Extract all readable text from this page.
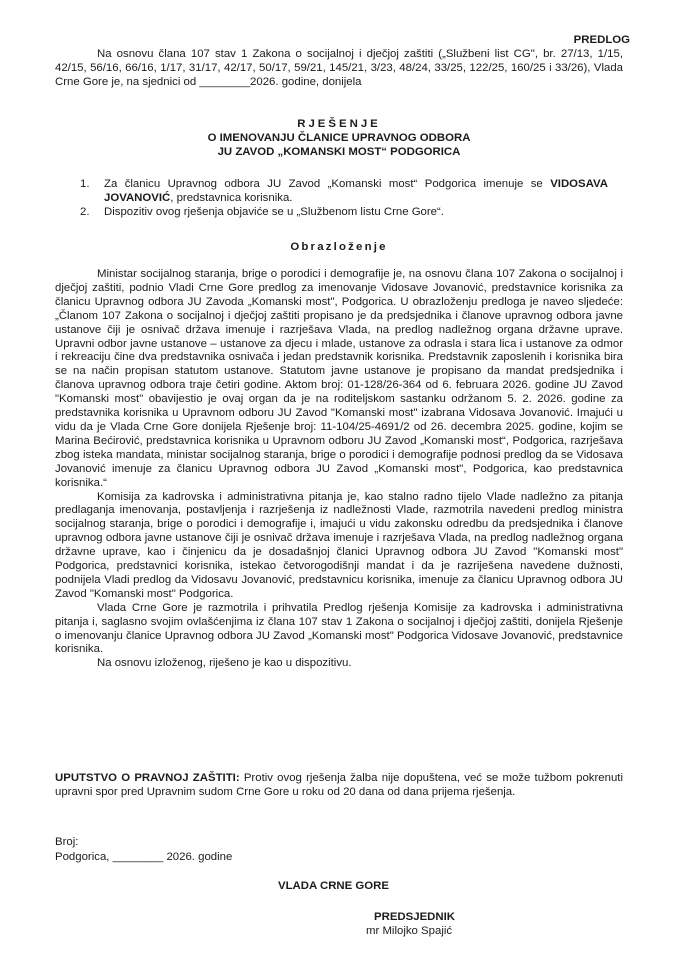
PREDLOG

Na osnovu člana 107 stav 1 Zakona o socijalnoj i dječjoj zaštiti („Službeni list CG", br. 27/13, 1/15, 42/15, 56/16, 66/16, 1/17, 31/17, 42/17, 50/17, 59/21, 145/21, 3/23, 48/24, 33/25, 122/25, 160/25 i 33/26), Vlada Crne Gore je, na sjednici od ________2026. godine, donijela

RJEŠENJE

O IMENOVANJU ČLANICE UPRAVNOG ODBORA

JU ZAVOD „KOMANSKI MOST“ PODGORICA

1.	Za članicu Upravnog odbora JU Zavod „Komanski most“ Podgorica imenuje se VIDOSAVA JOVANOVIĆ, predstavnica korisnika.

2.	Dispozitiv ovog rješenja objaviće se u „Službenom listu Crne Gore“.

Obrazloženje

Ministar socijalnog staranja, brige o porodici i demografije je, na osnovu člana 107 Zakona o socijalnoj i dječjoj zaštiti, podnio Vladi Crne Gore predlog za imenovanje Vidosave Jovanović, predstavnice korisnika za članicu Upravnog odbora JU Zavoda „Komanski most", Podgorica. U obrazloženju predloga je naveo sljedeće: „Članom 107 Zakona o socijalnoj i dječjoj zaštiti propisano je da predsjednika i članove upravnog odbora javne ustanove čiji je osnivač država imenuje i razrješava Vlada, na predlog nadležnog organa državne uprave. Upravni odbor javne ustanove – ustanove za djecu i mlade, ustanove za odrasla i stara lica i ustanove za odmor i rekreaciju čine dva predstavnika osnivača i jedan predstavnik korisnika. Predstavnik zaposlenih i korisnika bira se na način propisan statutom ustanove. Statutom javne ustanove je propisano da mandat predsjednika i članova upravnog odbora traje četiri godine. Aktom broj: 01-128/26-364 od 6. februara 2026. godine JU Zavod "Komanski most" obavijestio je ovaj organ da je na roditeljskom sastanku održanom 5. 2. 2026. godine za predstavnika korisnika u Upravnom odboru JU Zavod "Komanski most" izabrana Vidosava Jovanović. Imajući u vidu da je Vlada Crne Gore donijela Rješenje broj: 11-104/25-4691/2 od 26. decembra 2025. godine, kojim se Marina Bećirović, predstavnica korisnika u Upravnom odboru JU Zavod „Komanski most“, Podgorica, razrješava zbog isteka mandata, ministar socijalnog staranja, brige o porodici i demografije podnosi predlog da se Vidosava Jovanović imenuje za članicu Upravnog odbora JU Zavod „Komanski most", Podgorica, kao predstavnica korisnika.“

Komisija za kadrovska i administrativna pitanja je, kao stalno radno tijelo Vlade nadležno za pitanja predlaganja imenovanja, postavljenja i razrješenja iz nadležnosti Vlade, razmotrila navedeni predlog ministra socijalnog staranja, brige o porodici i demografije i, imajući u vidu zakonsku odredbu da predsjednika i članove upravnog odbora javne ustanove čiji je osnivač država imenuje i razrješava Vlada, na predlog nadležnog organa državne uprave, kao i činjenicu da je dosadašnjoj članici Upravnog odbora JU Zavod "Komanski most" Podgorica, predstavnici korisnika, istekao četvorogodišnji mandat i da je razriješena navedene dužnosti, podnijela Vladi predlog da Vidosavu Jovanović, predstavnicu korisnika, imenuje za članicu Upravnog odbora JU Zavod "Komanski most" Podgorica.

Vlada Crne Gore je razmotrila i prihvatila Predlog rješenja Komisije za kadrovska i administrativna pitanja i, saglasno svojim ovlašćenjima iz člana 107 stav 1 Zakona o socijalnoj i dječjoj zaštiti, donijela Rješenje o imenovanju članice Upravnog odbora JU Zavod „Komanski most" Podgorica Vidosave Jovanović, predstavnice korisnika.

Na osnovu izloženog, riješeno je kao u dispozitivu.

UPUTSTVO O PRAVNOJ ZAŠTITI: Protiv ovog rješenja žalba nije dopuštena, već se može tužbom pokrenuti upravni spor pred Upravnim sudom Crne Gore u roku od 20 dana od dana prijema rješenja.

Broj:

Podgorica, ________ 2026. godine

VLADA CRNE GORE

PREDSJEDNIK

mr Milojko Spajić
